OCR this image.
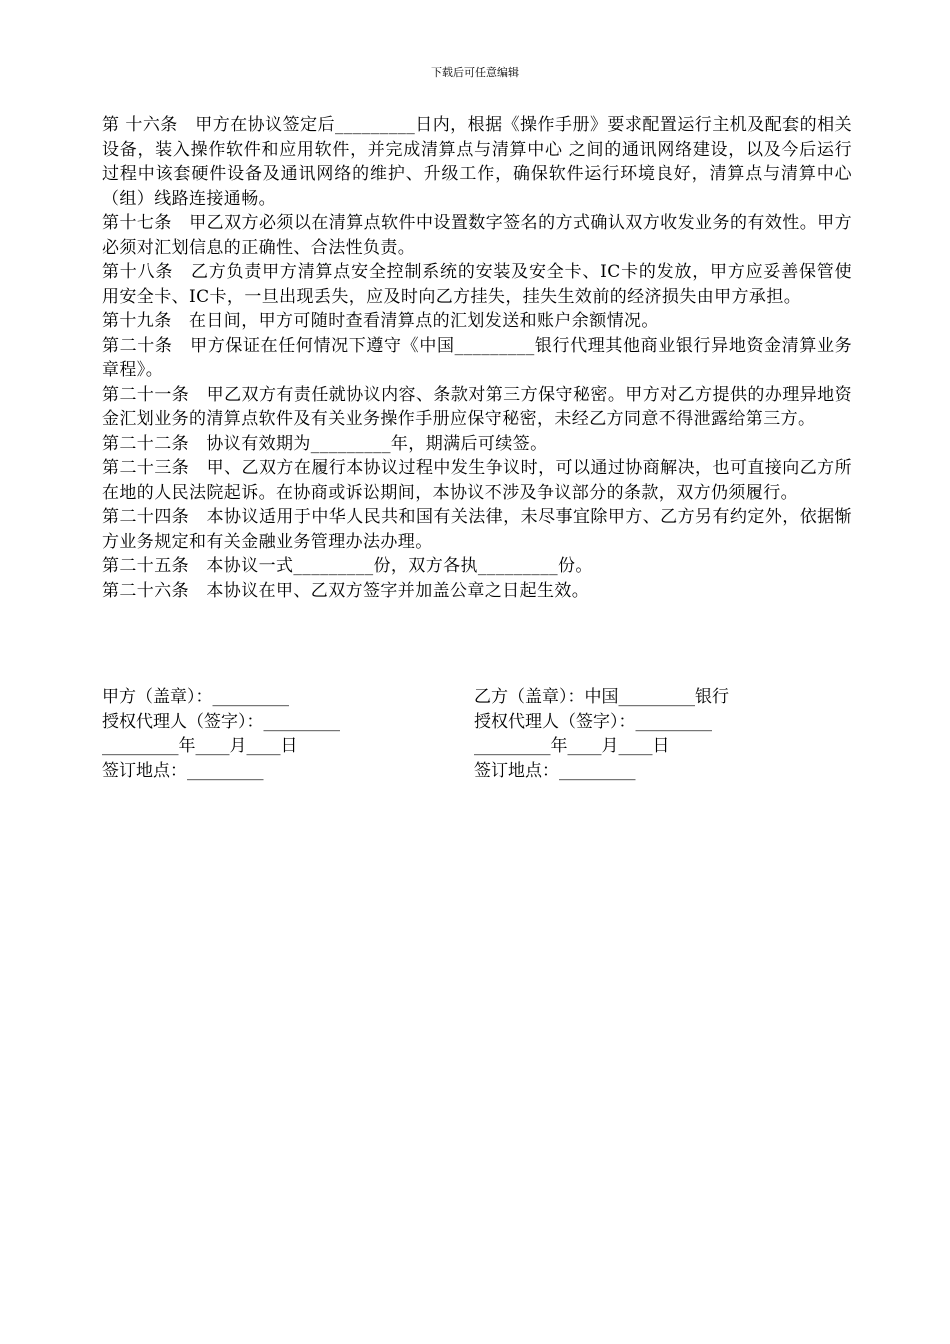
下载后可任意编辑

第 十六条　甲方在协议签定后_________日内，根据《操作手册》要求配置运行主机及配套的相关设备，装入操作软件和应用软件，并完成清算点与清算中心 之间的通讯网络建设，以及今后运行过程中该套硬件设备及通讯网络的维护、升级工作，确保软件运行环境良好，清算点与清算中心（组）线路连接通畅。

第十七条　甲乙双方必须以在清算点软件中设置数字签名的方式确认双方收发业务的有效性。甲方必须对汇划信息的正确性、合法性负责。

第十八条　乙方负责甲方清算点安全控制系统的安装及安全卡、IC卡的发放，甲方应妥善保管使用安全卡、IC卡，一旦出现丢失，应及时向乙方挂失，挂失生效前的经济损失由甲方承担。

第十九条　在日间，甲方可随时查看清算点的汇划发送和账户余额情况。

第二十条　甲方保证在任何情况下遵守《中国_________银行代理其他商业银行异地资金清算业务章程》。

第二十一条　甲乙双方有责任就协议内容、条款对第三方保守秘密。甲方对乙方提供的办理异地资金汇划业务的清算点软件及有关业务操作手册应保守秘密，未经乙方同意不得泄露给第三方。

第二十二条　协议有效期为_________年，期满后可续签。

第二十三条　甲、乙双方在履行本协议过程中发生争议时，可以通过协商解决，也可直接向乙方所在地的人民法院起诉。在协商或诉讼期间，本协议不涉及争议部分的条款，双方仍须履行。

第二十四条　本协议适用于中华人民共和国有关法律，未尽事宜除甲方、乙方另有约定外，依据惭方业务规定和有关金融业务管理办法办理。

第二十五条　本协议一式_________份，双方各执_________份。

第二十六条　本协议在甲、乙双方签字并加盖公章之日起生效。

甲方（盖章）：_________	乙方（盖章）：中国_________银行
授权代理人（签字）：_________	授权代理人（签字）：_________
_________年____月____日	_________年____月____日
签订地点：_________	签订地点：_________
